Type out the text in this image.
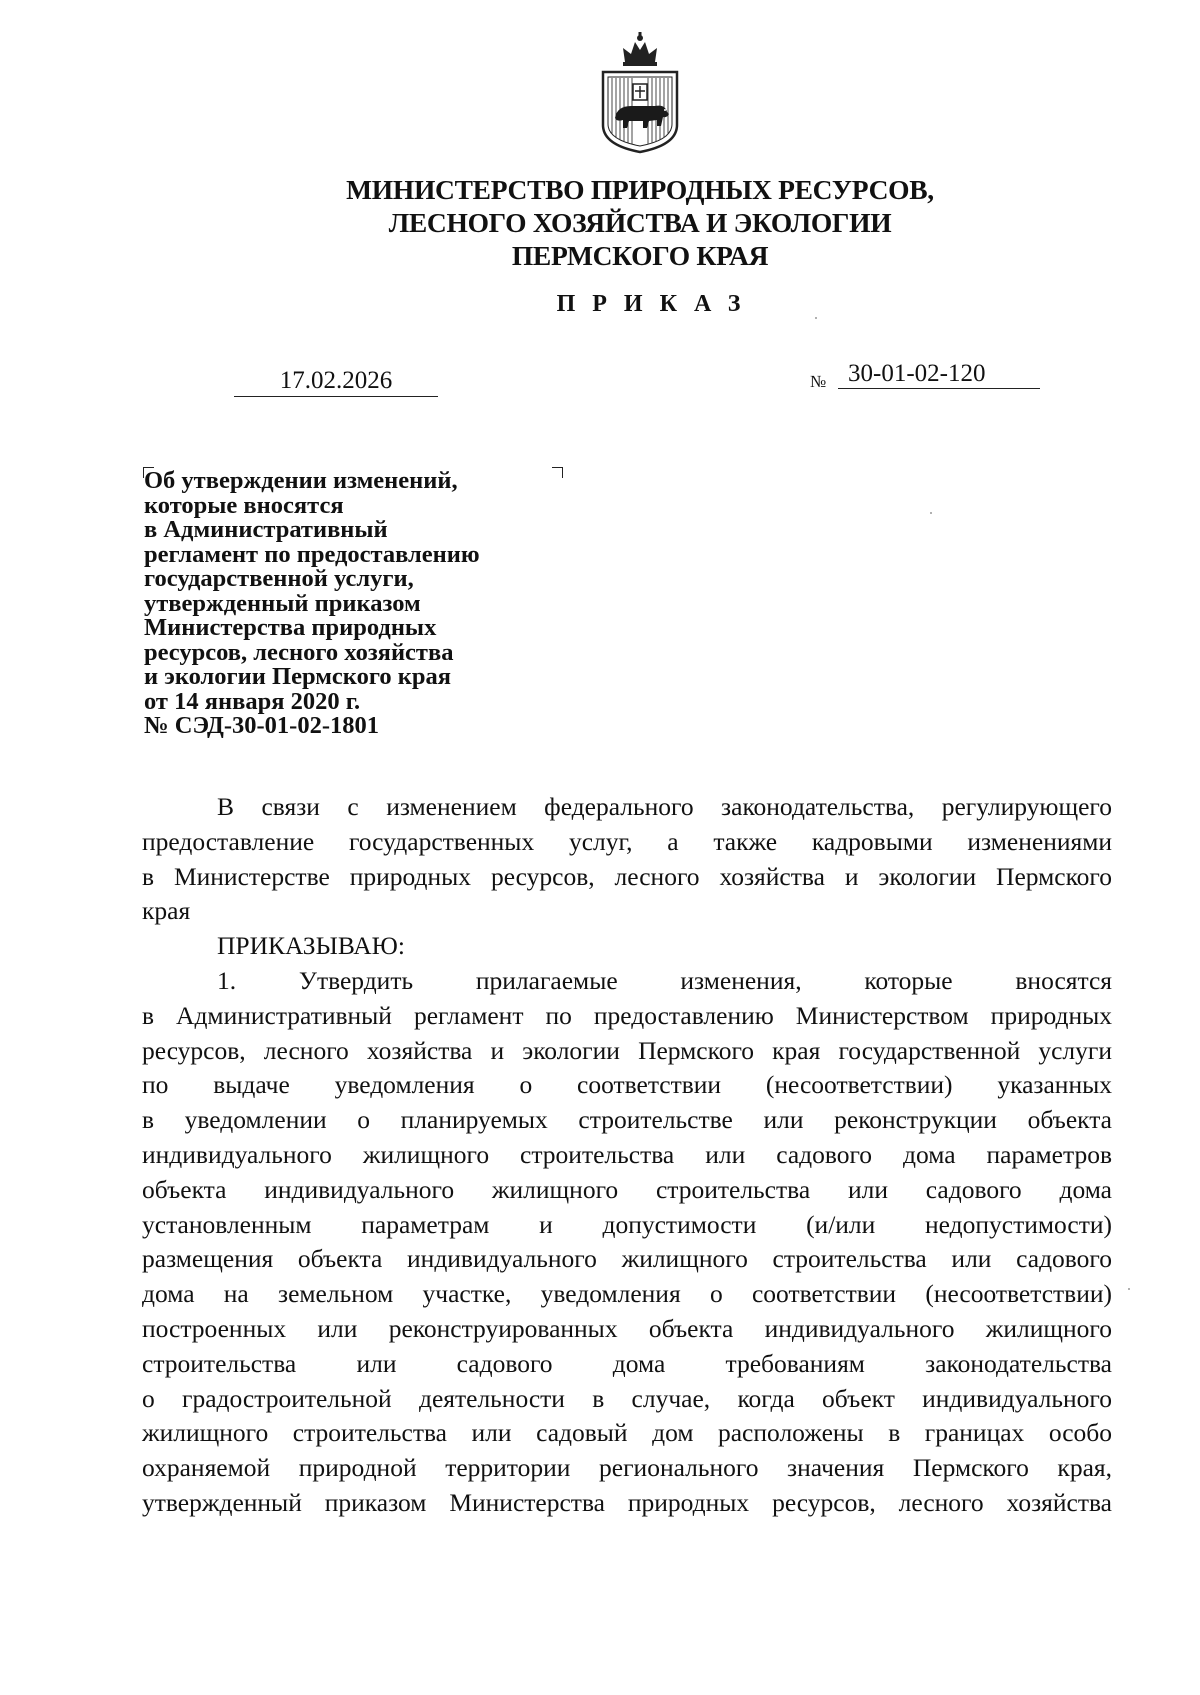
МИНИСТЕРСТВО ПРИРОДНЫХ РЕСУРСОВ,
ЛЕСНОГО ХОЗЯЙСТВА И ЭКОЛОГИИ
ПЕРМСКОГО КРАЯ
ПРИКАЗ
17.02.2026	№ 30-01-02-120
Об утверждении изменений,
которые вносятся
в Административный
регламент по предоставлению
государственной услуги,
утвержденный приказом
Министерства природных
ресурсов, лесного хозяйства
и экологии Пермского края
от 14 января 2020 г.
№ СЭД-30-01-02-1801
В связи с изменением федерального законодательства, регулирующего
предоставление государственных услуг, а также кадровыми изменениями
в Министерстве природных ресурсов, лесного хозяйства и экологии Пермского
края
ПРИКАЗЫВАЮ:
1. Утвердить прилагаемые изменения, которые вносятся
в Административный регламент по предоставлению Министерством природных
ресурсов, лесного хозяйства и экологии Пермского края государственной услуги
по выдаче уведомления о соответствии (несоответствии) указанных
в уведомлении о планируемых строительстве или реконструкции объекта
индивидуального жилищного строительства или садового дома параметров
объекта индивидуального жилищного строительства или садового дома
установленным параметрам и допустимости (и/или недопустимости)
размещения объекта индивидуального жилищного строительства или садового
дома на земельном участке, уведомления о соответствии (несоответствии)
построенных или реконструированных объекта индивидуального жилищного
строительства или садового дома требованиям законодательства
о градостроительной деятельности в случае, когда объект индивидуального
жилищного строительства или садовый дом расположены в границах особо
охраняемой природной территории регионального значения Пермского края,
утвержденный приказом Министерства природных ресурсов, лесного хозяйства
